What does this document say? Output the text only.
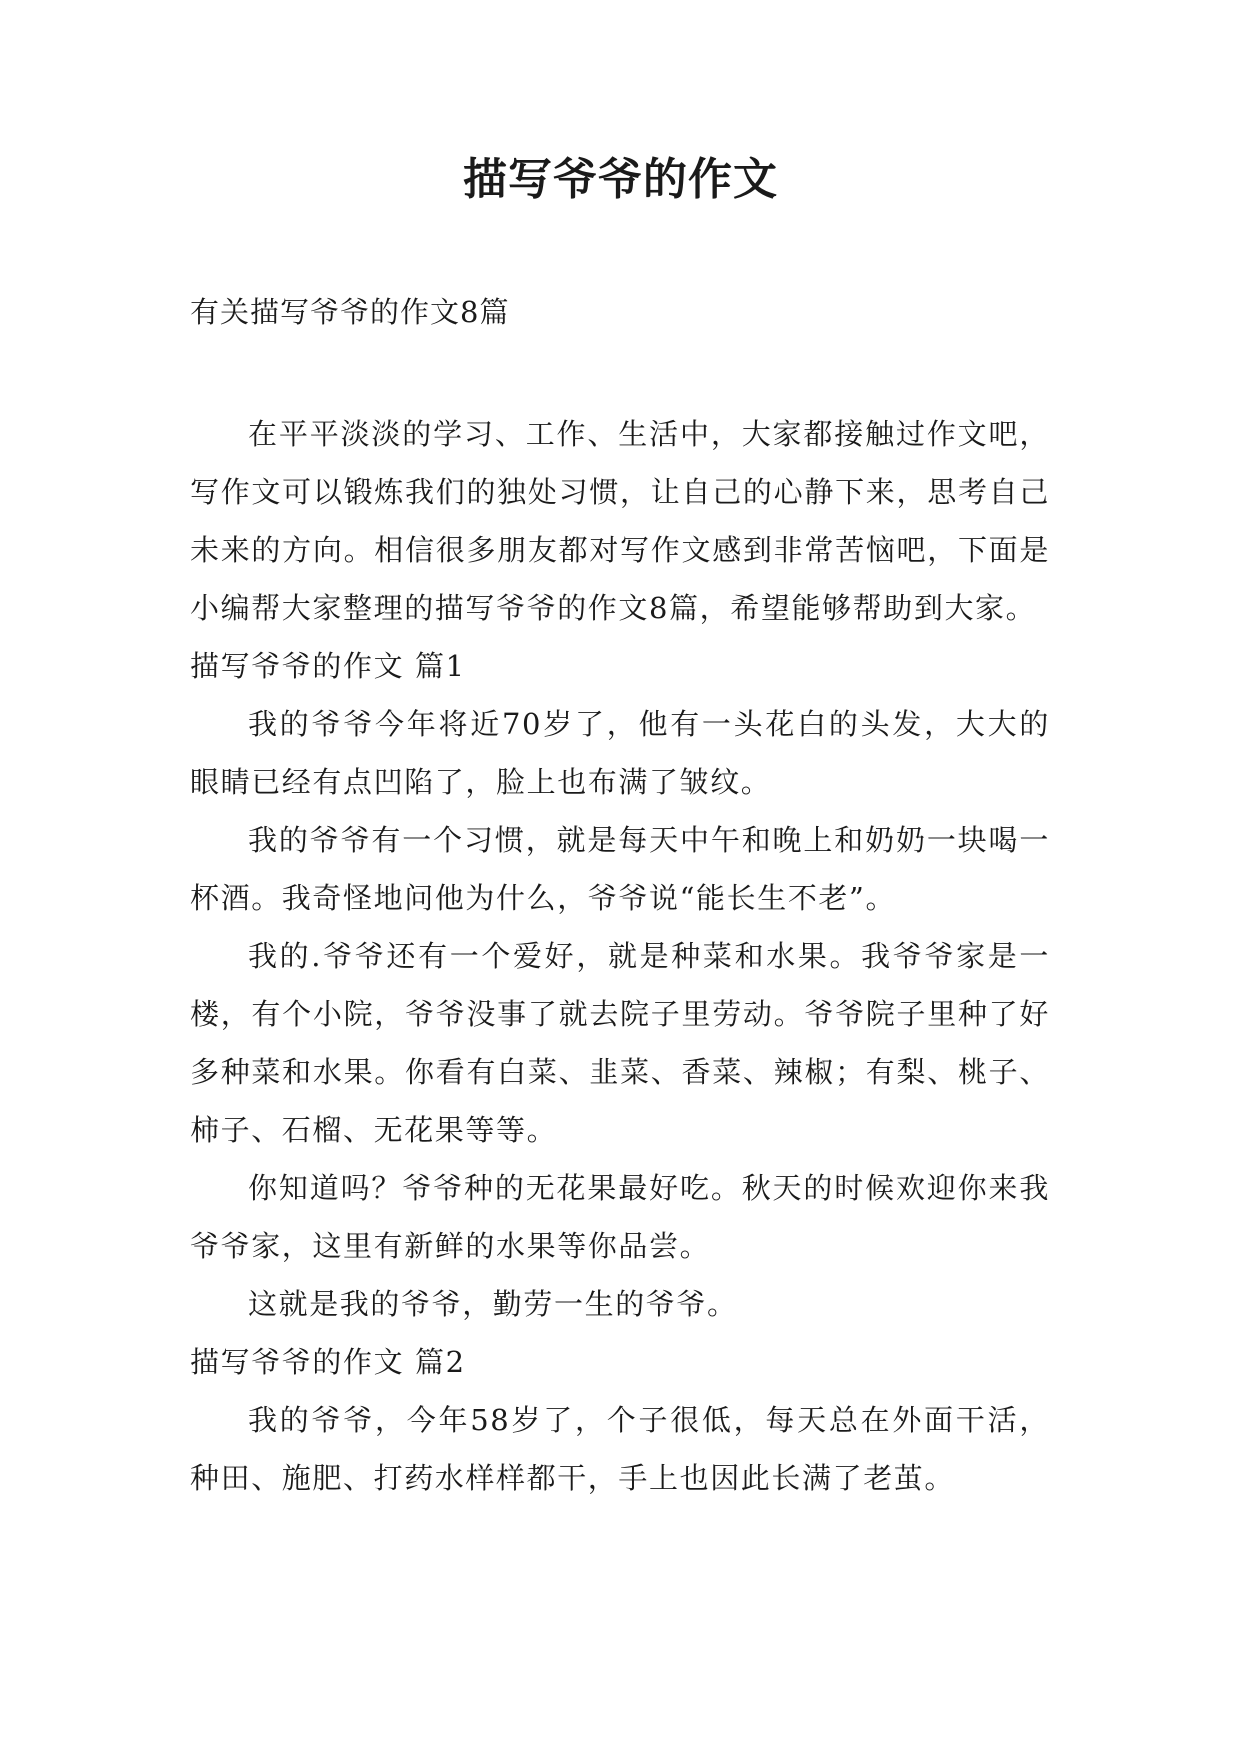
描写爷爷的作文

有关描写爷爷的作文8篇

在平平淡淡的学习、工作、生活中，大家都接触过作文吧，写作文可以锻炼我们的独处习惯，让自己的心静下来，思考自己未来的方向。相信很多朋友都对写作文感到非常苦恼吧，下面是小编帮大家整理的描写爷爷的作文8篇，希望能够帮助到大家。

描写爷爷的作文 篇1

我的爷爷今年将近70岁了，他有一头花白的头发，大大的眼睛已经有点凹陷了，脸上也布满了皱纹。

我的爷爷有一个习惯，就是每天中午和晚上和奶奶一块喝一杯酒。我奇怪地问他为什么，爷爷说“能长生不老”。

我的.爷爷还有一个爱好，就是种菜和水果。我爷爷家是一楼，有个小院，爷爷没事了就去院子里劳动。爷爷院子里种了好多种菜和水果。你看有白菜、韭菜、香菜、辣椒；有梨、桃子、柿子、石榴、无花果等等。

你知道吗？爷爷种的无花果最好吃。秋天的时候欢迎你来我爷爷家，这里有新鲜的水果等你品尝。

这就是我的爷爷，勤劳一生的爷爷。

描写爷爷的作文 篇2

我的爷爷，今年58岁了，个子很低，每天总在外面干活，种田、施肥、打药水样样都干，手上也因此长满了老茧。
